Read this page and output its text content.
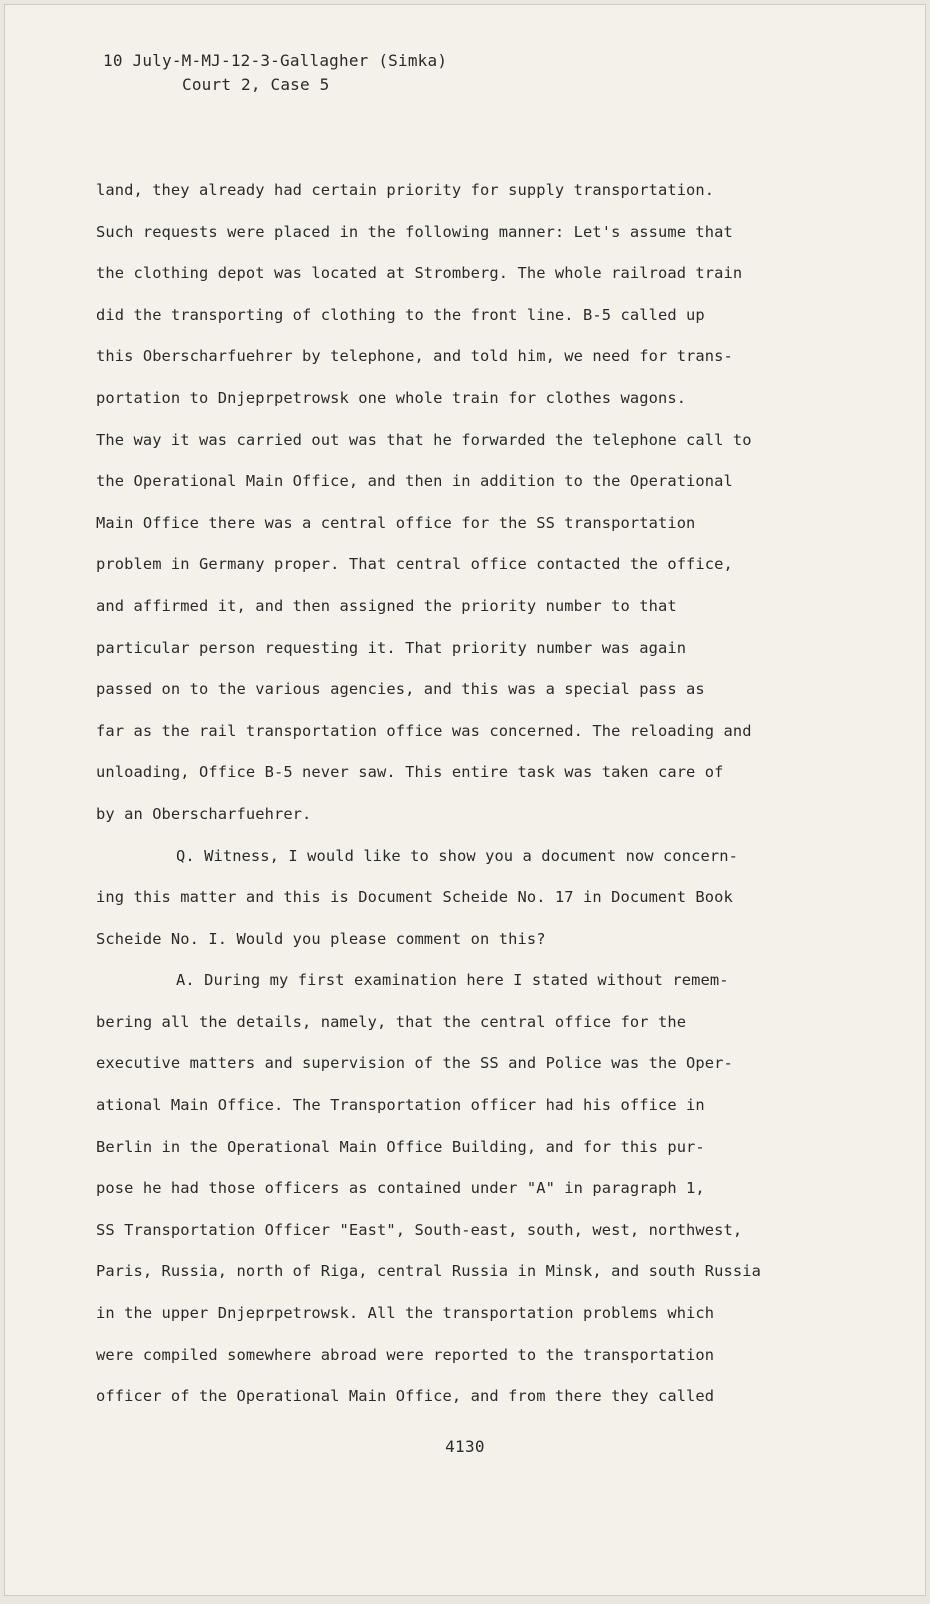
10 July-M-MJ-12-3-Gallagher (Simka)
Court 2, Case 5
land, they already had certain priority for supply transportation.
Such requests were placed in the following manner: Let's assume that
the clothing depot was located at Stromberg. The whole railroad train
did the transporting of clothing to the front line. B-5 called up
this Oberscharfuehrer by telephone, and told him, we need for trans-
portation to Dnjeprpetrowsk one whole train for clothes wagons.
The way it was carried out was that he forwarded the telephone call to
the Operational Main Office, and then in addition to the Operational
Main Office there was a central office for the SS transportation
problem in Germany proper. That central office contacted the office,
and affirmed it, and then assigned the priority number to that
particular person requesting it. That priority number was again
passed on to the various agencies, and this was a special pass as
far as the rail transportation office was concerned. The reloading and
unloading, Office B-5 never saw. This entire task was taken care of
by an Oberscharfuehrer.
Q. Witness, I would like to show you a document now concern-
ing this matter and this is Document Scheide No. 17 in Document Book
Scheide No. I. Would you please comment on this?
A. During my first examination here I stated without remem-
bering all the details, namely, that the central office for the
executive matters and supervision of the SS and Police was the Oper-
ational Main Office. The Transportation officer had his office in
Berlin in the Operational Main Office Building, and for this pur-
pose he had those officers as contained under "A" in paragraph 1,
SS Transportation Officer "East", South-east, south, west, northwest,
Paris, Russia, north of Riga, central Russia in Minsk, and south Russia
in the upper Dnjeprpetrowsk. All the transportation problems which
were compiled somewhere abroad were reported to the transportation
officer of the Operational Main Office, and from there they called
4130
